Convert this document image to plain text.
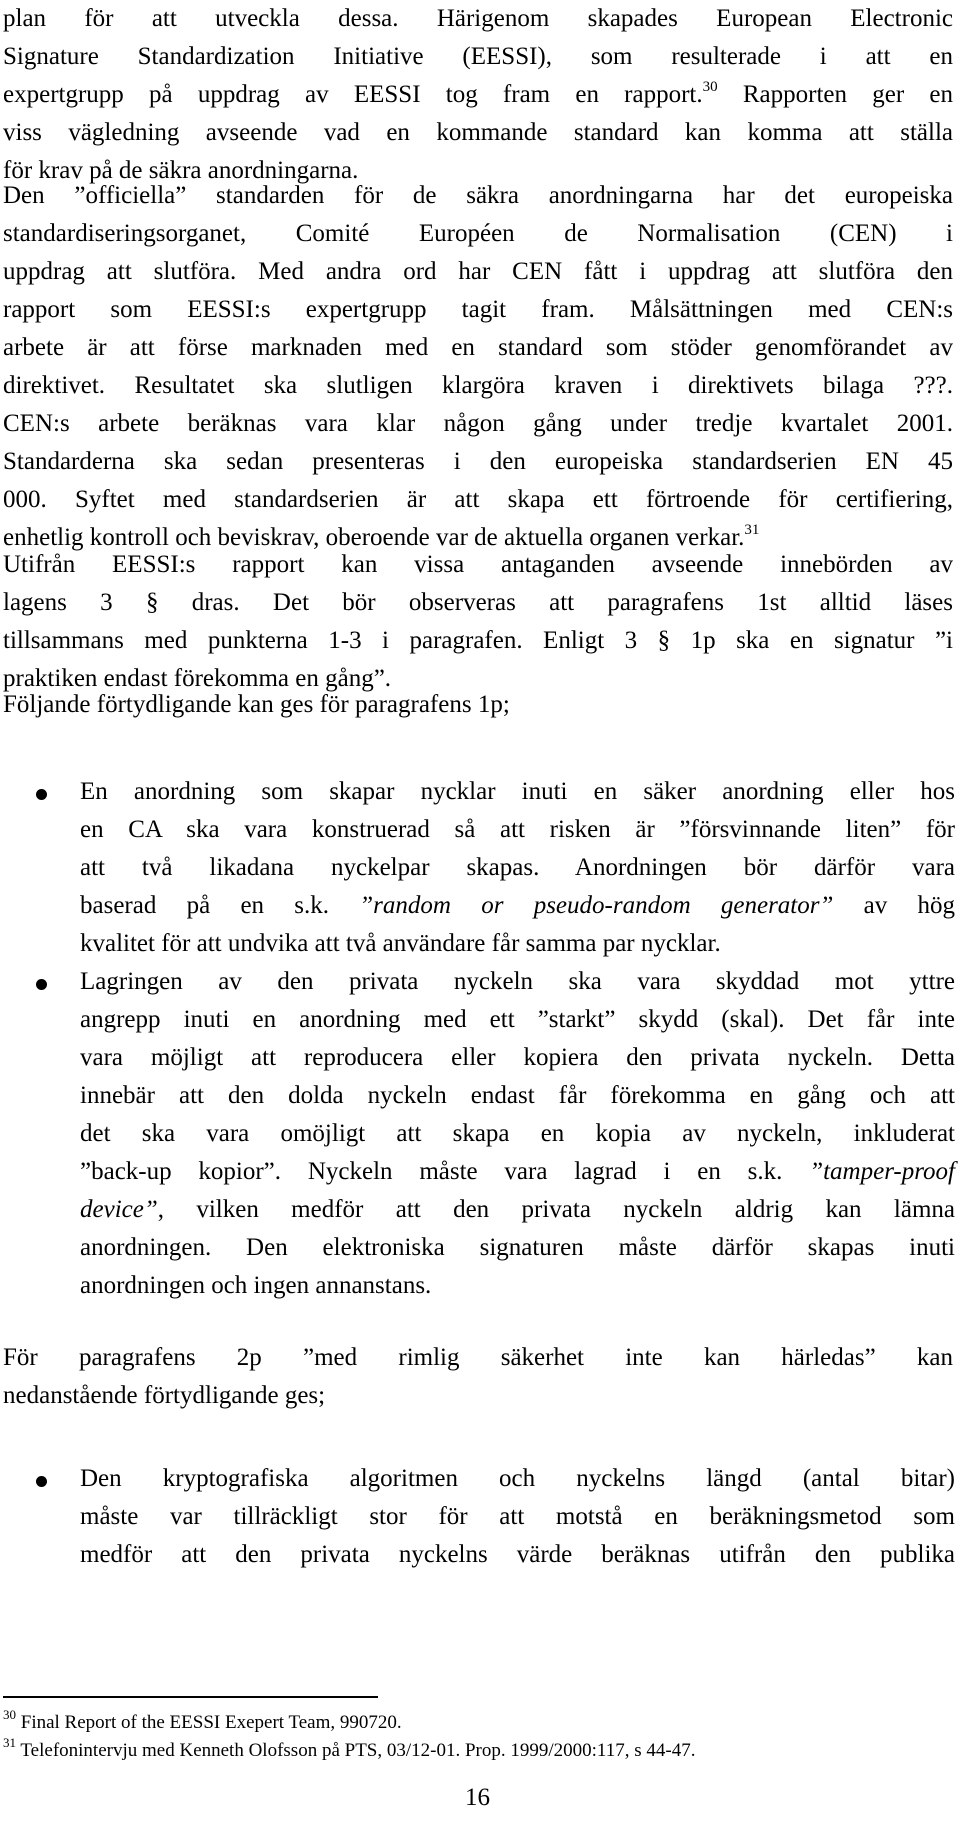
plan för att utveckla dessa. Härigenom skapades European Electronic
Signature Standardization Initiative (EESSI), som resulterade i att en
expertgrupp på uppdrag av EESSI tog fram en rapport.$^{30}$ Rapporten ger en
viss vägledning avseende vad en kommande standard kan komma att ställa
för krav på de säkra anordningarna.
Den ”officiella” standarden för de säkra anordningarna har det europeiska
standardiseringsorganet, Comité Européen de Normalisation (CEN) i
uppdrag att slutföra. Med andra ord har CEN fått i uppdrag att slutföra den
rapport som EESSI:s expertgrupp tagit fram. Målsättningen med CEN:s
arbete är att förse marknaden med en standard som stöder genomförandet av
direktivet. Resultatet ska slutligen klargöra kraven i direktivets bilaga ???.
CEN:s arbete beräknas vara klar någon gång under tredje kvartalet 2001.
Standarderna ska sedan presenteras i den europeiska standardserien EN 45
000. Syftet med standardserien är att skapa ett förtroende för certifiering,
enhetlig kontroll och beviskrav, oberoende var de aktuella organen verkar.$^{31}$
Utifrån EESSI:s rapport kan vissa antaganden avseende innebörden av
lagens 3 § dras. Det bör observeras att paragrafens 1st alltid läses
tillsammans med punkterna 1-3 i paragrafen. Enligt 3 § 1p ska en signatur ”i
praktiken endast förekomma en gång”.
Följande förtydligande kan ges för paragrafens 1p;
En anordning som skapar nycklar inuti en säker anordning eller hos
en CA ska vara konstruerad så att risken är ”försvinnande liten” för
att två likadana nyckelpar skapas. Anordningen bör därför vara
baserad på en s.k. ”random or pseudo-random generator” av hög
kvalitet för att undvika att två användare får samma par nycklar.
Lagringen av den privata nyckeln ska vara skyddad mot yttre
angrepp inuti en anordning med ett ”starkt” skydd (skal). Det får inte
vara möjligt att reproducera eller kopiera den privata nyckeln. Detta
innebär att den dolda nyckeln endast får förekomma en gång och att
det ska vara omöjligt att skapa en kopia av nyckeln, inkluderat
”back-up kopior”. Nyckeln måste vara lagrad i en s.k. ”tamper-proof
device”, vilken medför att den privata nyckeln aldrig kan lämna
anordningen. Den elektroniska signaturen måste därför skapas inuti
anordningen och ingen annanstans.
För paragrafens 2p ”med rimlig säkerhet inte kan härledas” kan
nedanstående förtydligande ges;
Den kryptografiska algoritmen och nyckelns längd (antal bitar)
måste var tillräckligt stor för att motstå en beräkningsmetod som
medför att den privata nyckelns värde beräknas utifrån den publika
$^{30}$ Final Report of the EESSI Exepert Team, 990720.
$^{31}$ Telefonintervju med Kenneth Olofsson på PTS, 03/12-01. Prop. 1999/2000:117, s 44-47.
16
